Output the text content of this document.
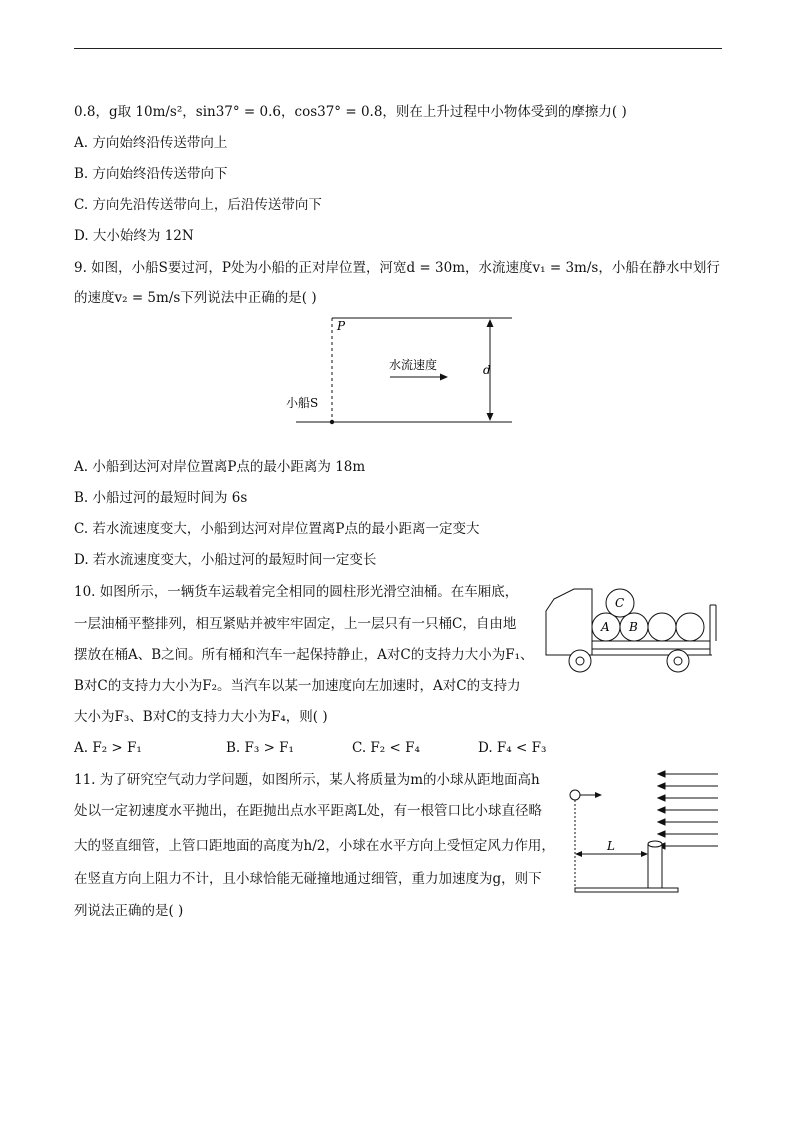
0.8，g取 10m/s²，sin37° = 0.6，cos37° = 0.8，则在上升过程中小物体受到的摩擦力( )
A. 方向始终沿传送带向上
B. 方向始终沿传送带向下
C. 方向先沿传送带向上，后沿传送带向下
D. 大小始终为 12N
9. 如图，小船S要过河，P处为小船的正对岸位置，河宽d = 30m，水流速度v₁ = 3m/s，小船在静水中划行
的速度v₂ = 5m/s下列说法中正确的是( )
P
水流速度	d
小船S
A. 小船到达河对岸位置离P点的最小距离为 18m
B. 小船过河的最短时间为 6s
C. 若水流速度变大，小船到达河对岸位置离P点的最小距离一定变大
D. 若水流速度变大，小船过河的最短时间一定变长
10. 如图所示，一辆货车运载着完全相同的圆柱形光滑空油桶。在车厢底，
一层油桶平整排列，相互紧贴并被牢牢固定，上一层只有一只桶C，自由地
摆放在桶A、B之间。所有桶和汽车一起保持静止，A对C的支持力大小为F₁、
B对C的支持力大小为F₂。当汽车以某一加速度向左加速时，A对C的支持力
大小为F₃、B对C的支持力大小为F₄，则( )
A B
C
A. F₂ > F₁	B. F₃ > F₁	C. F₂ < F₄	D. F₄ < F₃
11. 为了研究空气动力学问题，如图所示，某人将质量为m的小球从距地面高h
处以一定初速度水平抛出，在距抛出点水平距离L处，有一根管口比小球直径略
大的竖直细管，上管口距地面的高度为h/2，小球在水平方向上受恒定风力作用，
在竖直方向上阻力不计，且小球恰能无碰撞地通过细管，重力加速度为g，则下
列说法正确的是( )
L
